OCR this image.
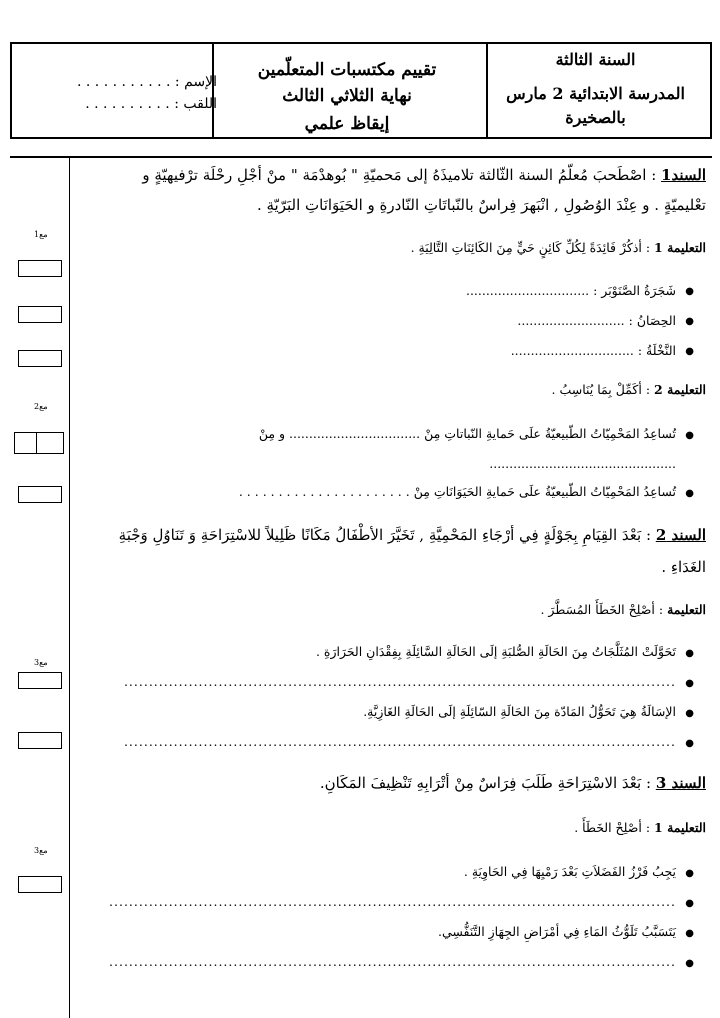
السنة الثالثة
المدرسة الابتدائية 2 مارس
بالصخيرة
تقييم مكتسبات المتعلّمين
نهاية الثلاثي الثالث
إيقاظ علمي
الإسم : . . . . . . . . . . .
اللقب : . . . . . . . . . .
مع1
مع2
مع3
مع3
السند1 : اصْطَحبَ مُعلّمُ السنة الثّالثة تلاميذَهُ إلى مَحميّةِ " بُوهدْمَة " منْ أجْلِ رحْلَة ترْفيهيّةٍ و
تعْليميّةٍ . و عِنْدَ الوُصُولِ , انْبَهرَ فِراسٌ بالنّباتَاتِ النّادرةِ و الحَيَوَانَاتِ البَرّيّةِ .
التعليمة 1 : أذكُرْ فَائِدَةً لِكُلِّ كَائِنٍ حَيٍّ مِنَ الكَائِنَاتِ التَّالِيَةِ .
●
شَجَرَةُ الصَّنَوْبَر : ...............................
●
الحِصَانُ : ...........................
●
النَّخْلَةُ : ...............................
التعليمة 2 : أكَمِّلْ بِمَا يُنَاسِبُ .
●
تُساعِدُ المَحْمِيّاتُ الطّبيعيّةُ علَى حَمايةِ النّباتاتِ مِنْ ................................. و مِنْ
...............................................
●
تُساعِدُ المَحْمِيّاتُ الطّبيعيّةُ علَى حَمايةِ الحَيَوَانَاتِ مِنْ . . . . . . . . . . . . . . . . . . . . . .
السند 2 : بَعْدَ القِيَامِ بِجَوْلَةٍ فِي أرْجَاءِ المَحْمِيَّةِ , تَخَيَّرَ الأطْفَالُ مَكَانًا ظَلِيلاً للاسْتِرَاحَةِ وَ تَنَاوُلِ وَجْبَةِ
الغَدَاءِ .
التعليمة : أصْلِحْ الخَطَأَ المُسَطَّرَ .
●
تَحَوَّلَتْ المُثَلَّجَاتُ مِنَ الحَالَةِ الصُّلبَةِ إلَى الحَالَةِ السَّائِلَةِ بِفِقْدَانِ الحَرَارَةِ .
●
...............................................................................................................
●
الإسَالَةُ هِيَ تَحَوُّلُ المَادّة مِنَ الحَالَةِ السّائِلَةِ إلَى الحَالَةِ الغَازِيَّةِ.
●
...............................................................................................................
السند 3 : بَعْدَ الاسْتِرَاحَةِ طَلَبَ فِرَاسٌ مِنْ أتْرَابِهِ تَنْظِيفَ المَكَانِ.
التعليمة 1 : أصْلِحْ الخَطَأَ .
●
يَجِبُ فَرْزُ الفَضَلاَتِ بَعْدَ رَمْيِهَا فِي الحَاوِيَةِ .
●
..................................................................................................................
●
يَتَسَبَّبُ تَلَوُّثُ المَاءِ فِي أمْرَاضِ الجِهَازِ التَّنَفُّسِي.
●
..................................................................................................................
